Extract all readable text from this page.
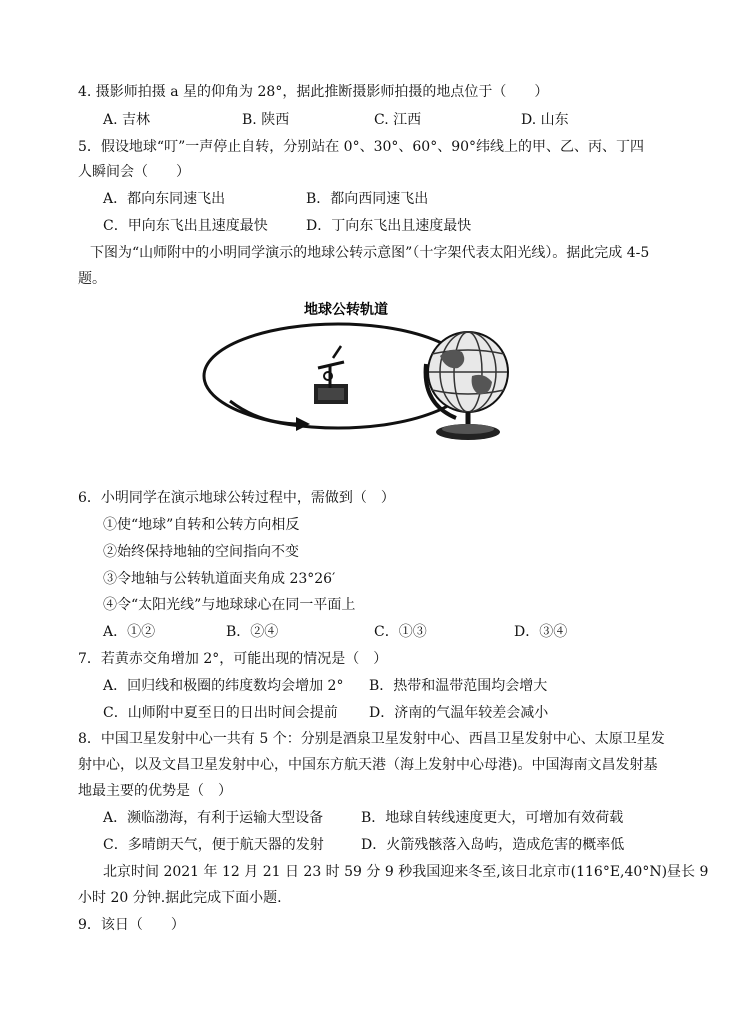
4. 摄影师拍摄 a 星的仰角为 28°，据此推断摄影师拍摄的地点位于（　　）
A. 吉林	B. 陕西	C. 江西	D. 山东
5．假设地球“叮”一声停止自转，分别站在 0°、30°、60°、90°纬线上的甲、乙、丙、丁四
人瞬间会（　　）
A．都向东同速飞出	B．都向西同速飞出
C．甲向东飞出且速度最快	D．丁向东飞出且速度最快
下图为“山师附中的小明同学演示的地球公转示意图”（十字架代表太阳光线）。据此完成 4-5
题。
地球公转轨道
6．小明同学在演示地球公转过程中，需做到（　）
①使“地球”自转和公转方向相反
②始终保持地轴的空间指向不变
③令地轴与公转轨道面夹角成 23°26′
④令“太阳光线”与地球球心在同一平面上
A．①②	B．②④	C．①③	D．③④
7．若黄赤交角增加 2°，可能出现的情况是（　）
A．回归线和极圈的纬度数均会增加 2° B．热带和温带范围均会增大
C．山师附中夏至日的日出时间会提前 D．济南的气温年较差会减小
8．中国卫星发射中心一共有 5 个：分别是酒泉卫星发射中心、西昌卫星发射中心、太原卫星发
射中心，以及文昌卫星发射中心，中国东方航天港（海上发射中心母港)。中国海南文昌发射基
地最主要的优势是（　）
A．濒临渤海，有利于运输大型设备	B．地球自转线速度更大，可增加有效荷载
C．多晴朗天气，便于航天器的发射	D．火箭残骸落入岛屿，造成危害的概率低
北京时间 2021 年 12 月 21 日 23 时 59 分 9 秒我国迎来冬至,该日北京市(116°E,40°N)昼长 9
小时 20 分钟.据此完成下面小题.
9．该日（　　）
